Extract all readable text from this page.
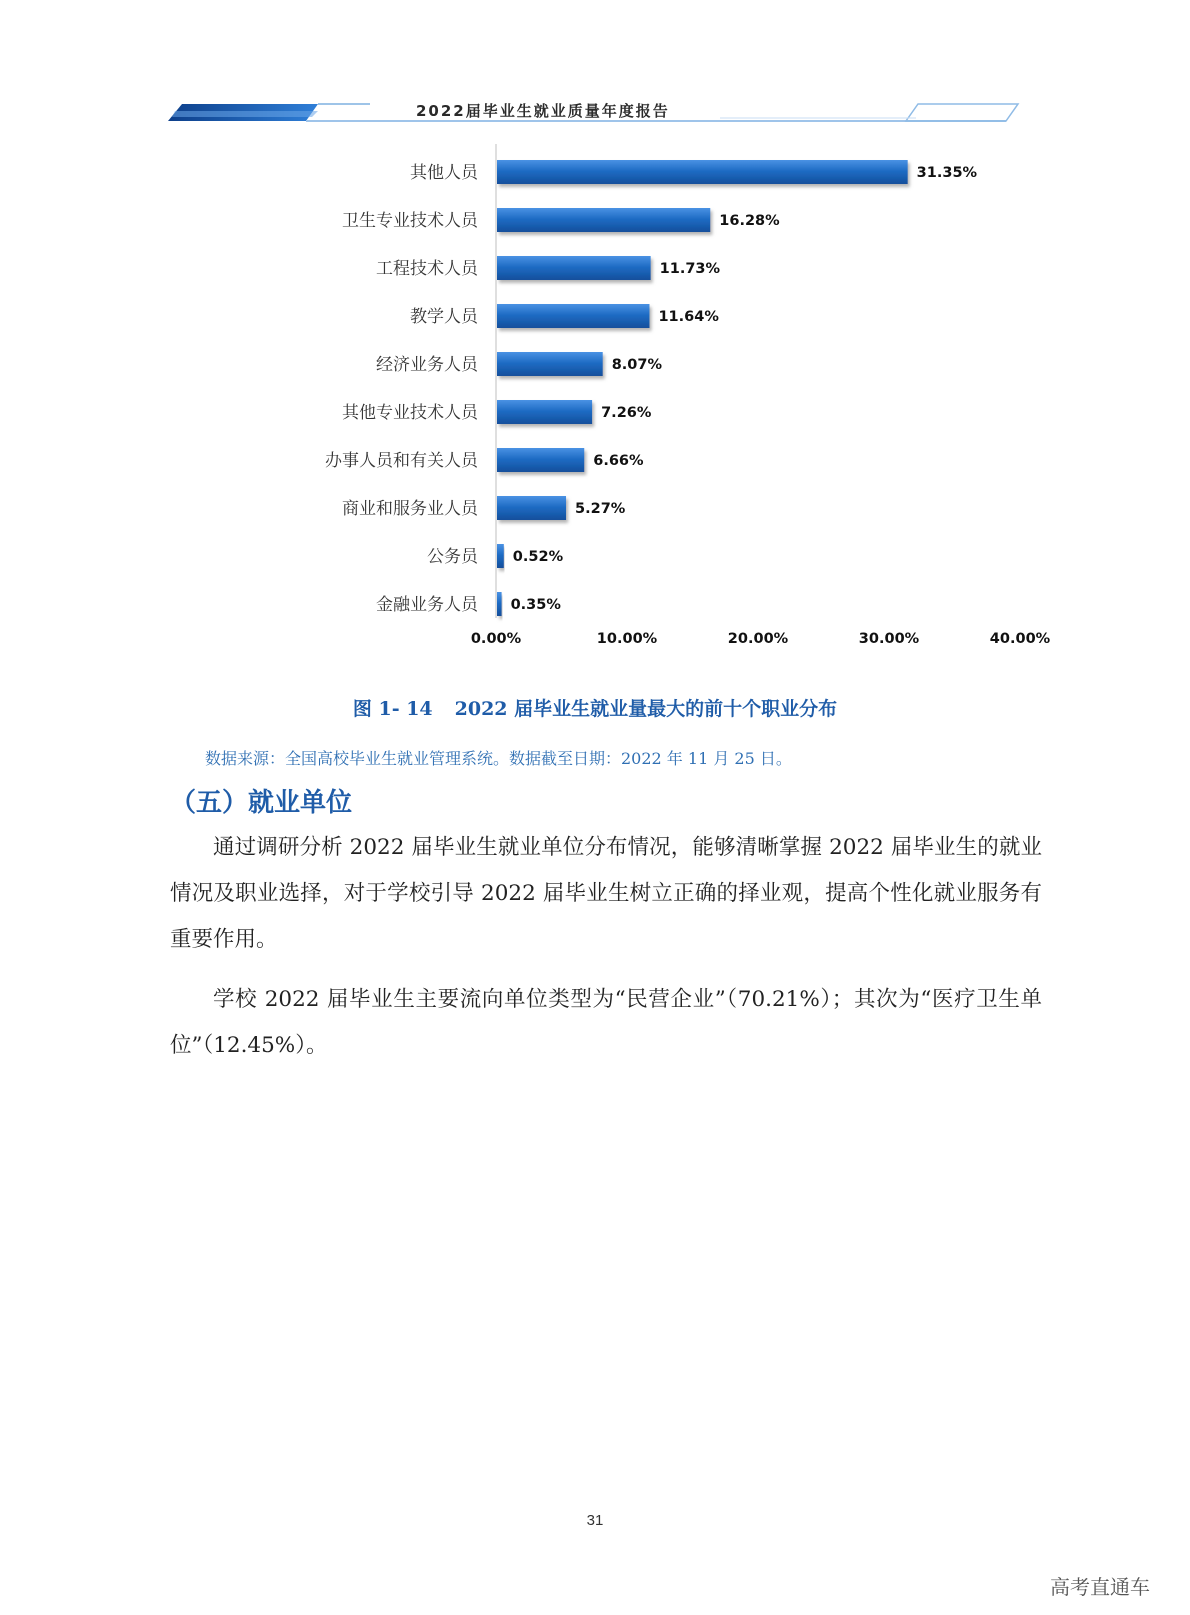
2022届毕业生就业质量年度报告
其他人员	31.35%
卫生专业技术人员	16.28%
工程技术人员	11.73%
教学人员	11.64%
经济业务人员	8.07%
其他专业技术人员	7.26%
办事人员和有关人员	6.66%
商业和服务业人员	5.27%
公务员 0.52%
金融业务人员 0.35%
0.00%	10.00%	20.00%	30.00%	40.00%
图 1- 14 2022 届毕业生就业量最大的前十个职业分布
数据来源：全国高校毕业生就业管理系统。数据截至日期：2022 年 11 月 25 日。
（五）就业单位

通过调研分析 2022 届毕业生就业单位分布情况，能够清晰掌握 2022 届毕业生的就业情况及职业选择，对于学校引导 2022 届毕业生树立正确的择业观，提高个性化就业服务有重要作用。

学校 2022 届毕业生主要流向单位类型为“民营企业”（70.21%）；其次为“医疗卫生单位”（12.45%）。

31
高考直通车
